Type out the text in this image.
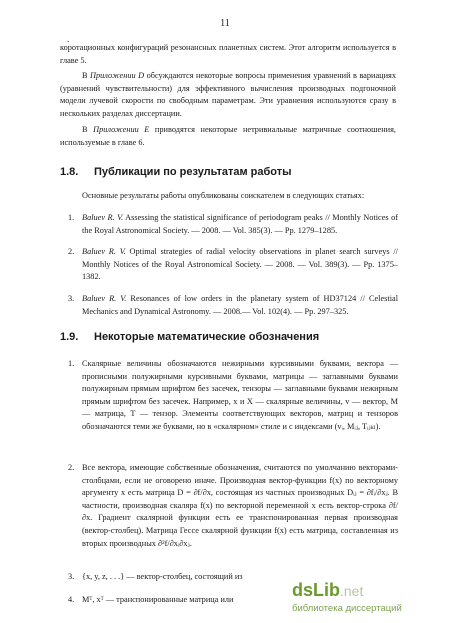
11
.
коротационных конфигураций резонансных планетных систем. Этот алгоритм используется в главе 5.
В Приложении D обсуждаются некоторые вопросы применения уравнений в вариациях (уравнений чувствительности) для эффективного вычисления производных подгоночной модели лучевой скорости по свободным параметрам. Эти уравнения используются сразу в нескольких разделах диссертации.
В Приложении E приводятся некоторые нетривиальные матричные соотношения, используемые в главе 6.
1.8. Публикации по результатам работы
Основные результаты работы опубликованы соискателем в следующих статьях:
1. Baluev R. V. Assessing the statistical significance of periodogram peaks // Monthly Notices of the Royal Astronomical Society. — 2008. — Vol. 385(3). — Pp. 1279–1285.
2. Baluev R. V. Optimal strategies of radial velocity observations in planet search surveys // Monthly Notices of the Royal Astronomical Society. — 2008. — Vol. 389(3). — Pp. 1375–1382.
3. Baluev R. V. Resonances of low orders in the planetary system of HD37124 // Celestial Mechanics and Dynamical Astronomy. — 2008.— Vol. 102(4). — Pp. 297–325.
1.9. Некоторые математические обозначения
1. Скалярные величины обозначаются нежирными курсивными буквами, вектора — прописными полужирными курсивными буквами, матрицы — заглавными буквами полужирным прямым шрифтом без засечек, тензоры — заглавными буквами нежирным прямым шрифтом без засечек. Например, x и X — скалярные величины, v — вектор, M — матрица, T — тензор. Элементы соответствующих векторов, матриц и тензоров обозначаются теми же буквами, но в «скалярном» стиле и с индексами (vᵢ, Mᵢⱼ, Tᵢⱼₖₗ).
2. Все вектора, имеющие собственные обозначения, считаются по умолчанию векторами-столбцами, если не оговорено иначе. Производная вектор-функции f(x) по векторному аргументу x есть матрица D = ∂f/∂x, состоящая из частных производных Dᵢⱼ = ∂fᵢ/∂xⱼ. В частности, производная скаляра f(x) по векторной переменной x есть вектор-строка ∂f/∂x. Градиент скалярной функции есть ее транспонированная первая производная (вектор-столбец). Матрица Гессе скалярной функции f(x) есть матрица, составленная из вторых производных ∂²f/∂xᵢ∂xⱼ.
3. {x, y, z, . . .} — вектор-столбец, состоящий из
4. Mᵀ, xᵀ — транспонированные матрица или	dsLib.net
библиотека диссертаций
